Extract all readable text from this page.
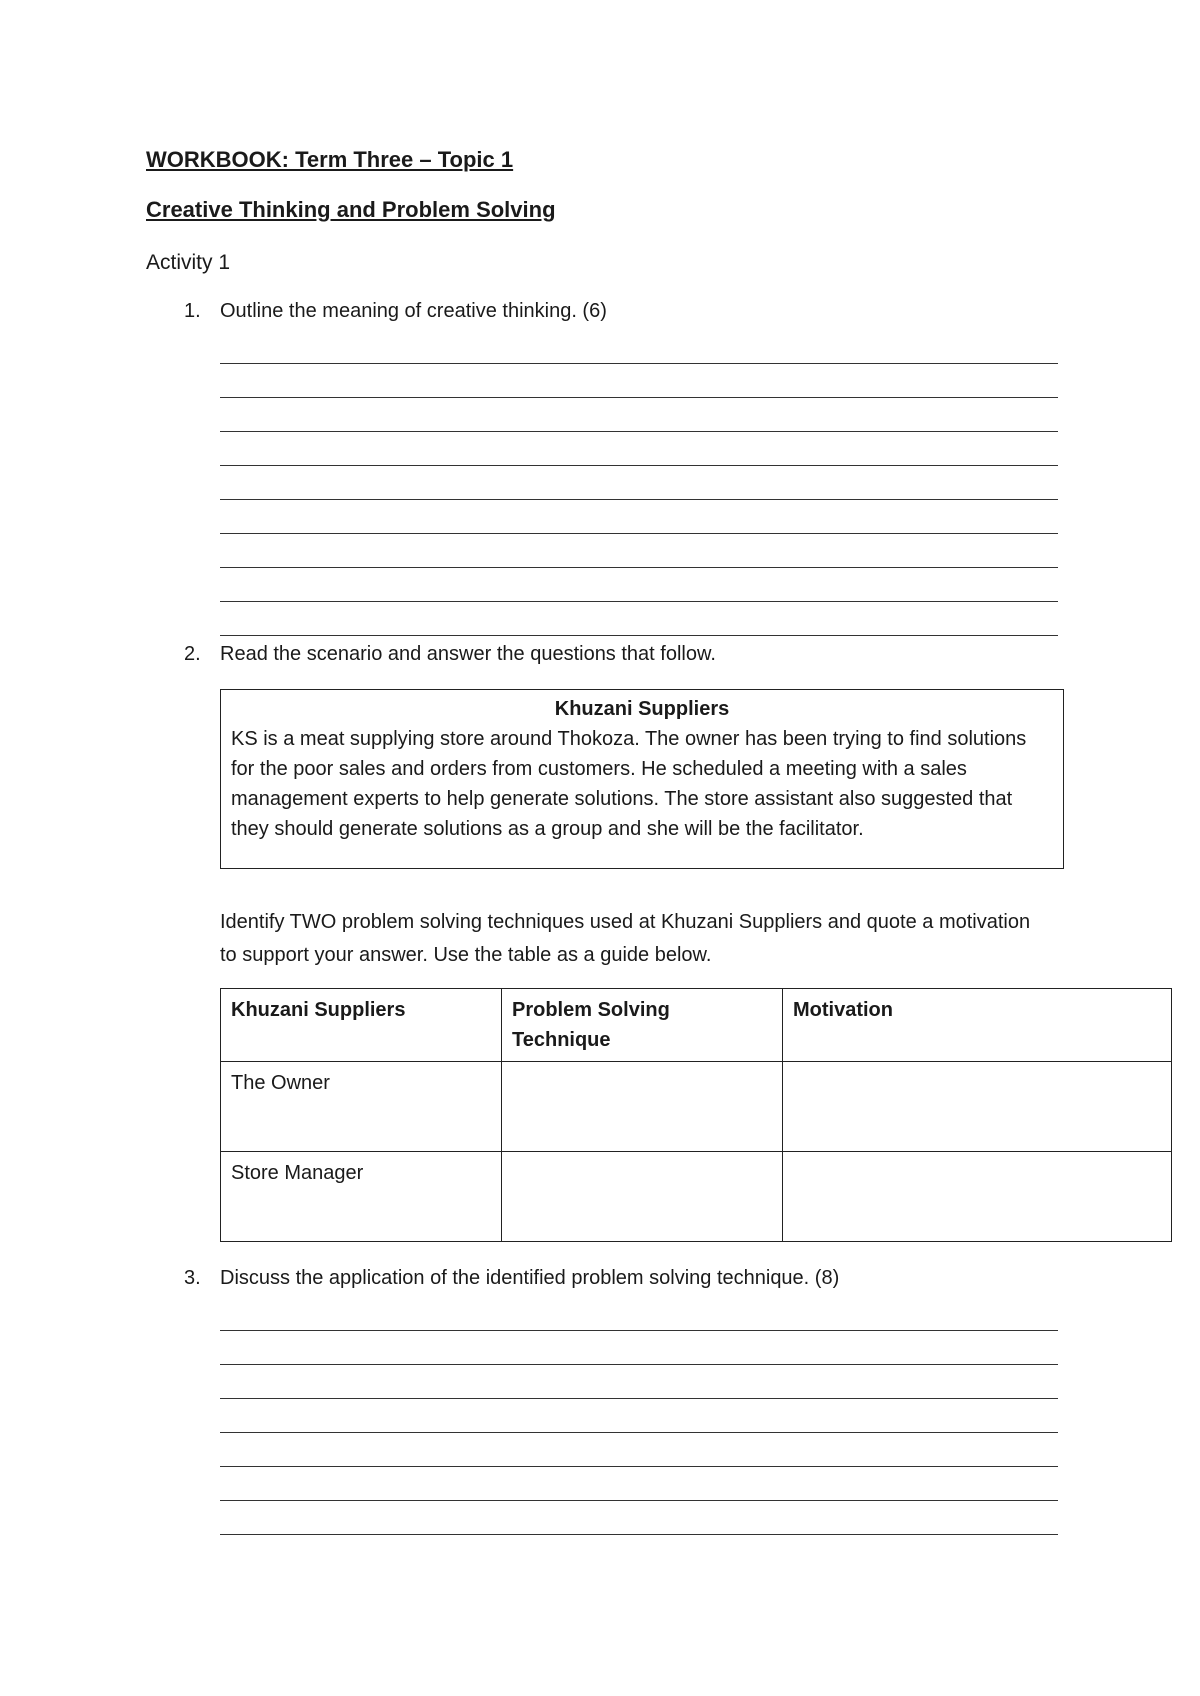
WORKBOOK: Term Three – Topic 1
Creative Thinking and Problem Solving

Activity 1

1. Outline the meaning of creative thinking. (6)
2. Read the scenario and answer the questions that follow.

Khuzani Suppliers

KS is a meat supplying store around Thokoza. The owner has been trying to find solutions for the poor sales and orders from customers. He scheduled a meeting with a sales management experts to help generate solutions. The store assistant also suggested that they should generate solutions as a group and she will be the facilitator.

Identify TWO problem solving techniques used at Khuzani Suppliers and quote a motivation to support your answer. Use the table as a guide below.

Khuzani Suppliers	Problem Solving Technique	Motivation
The Owner		
Store Manager		
3. Discuss the application of the identified problem solving technique. (8)
